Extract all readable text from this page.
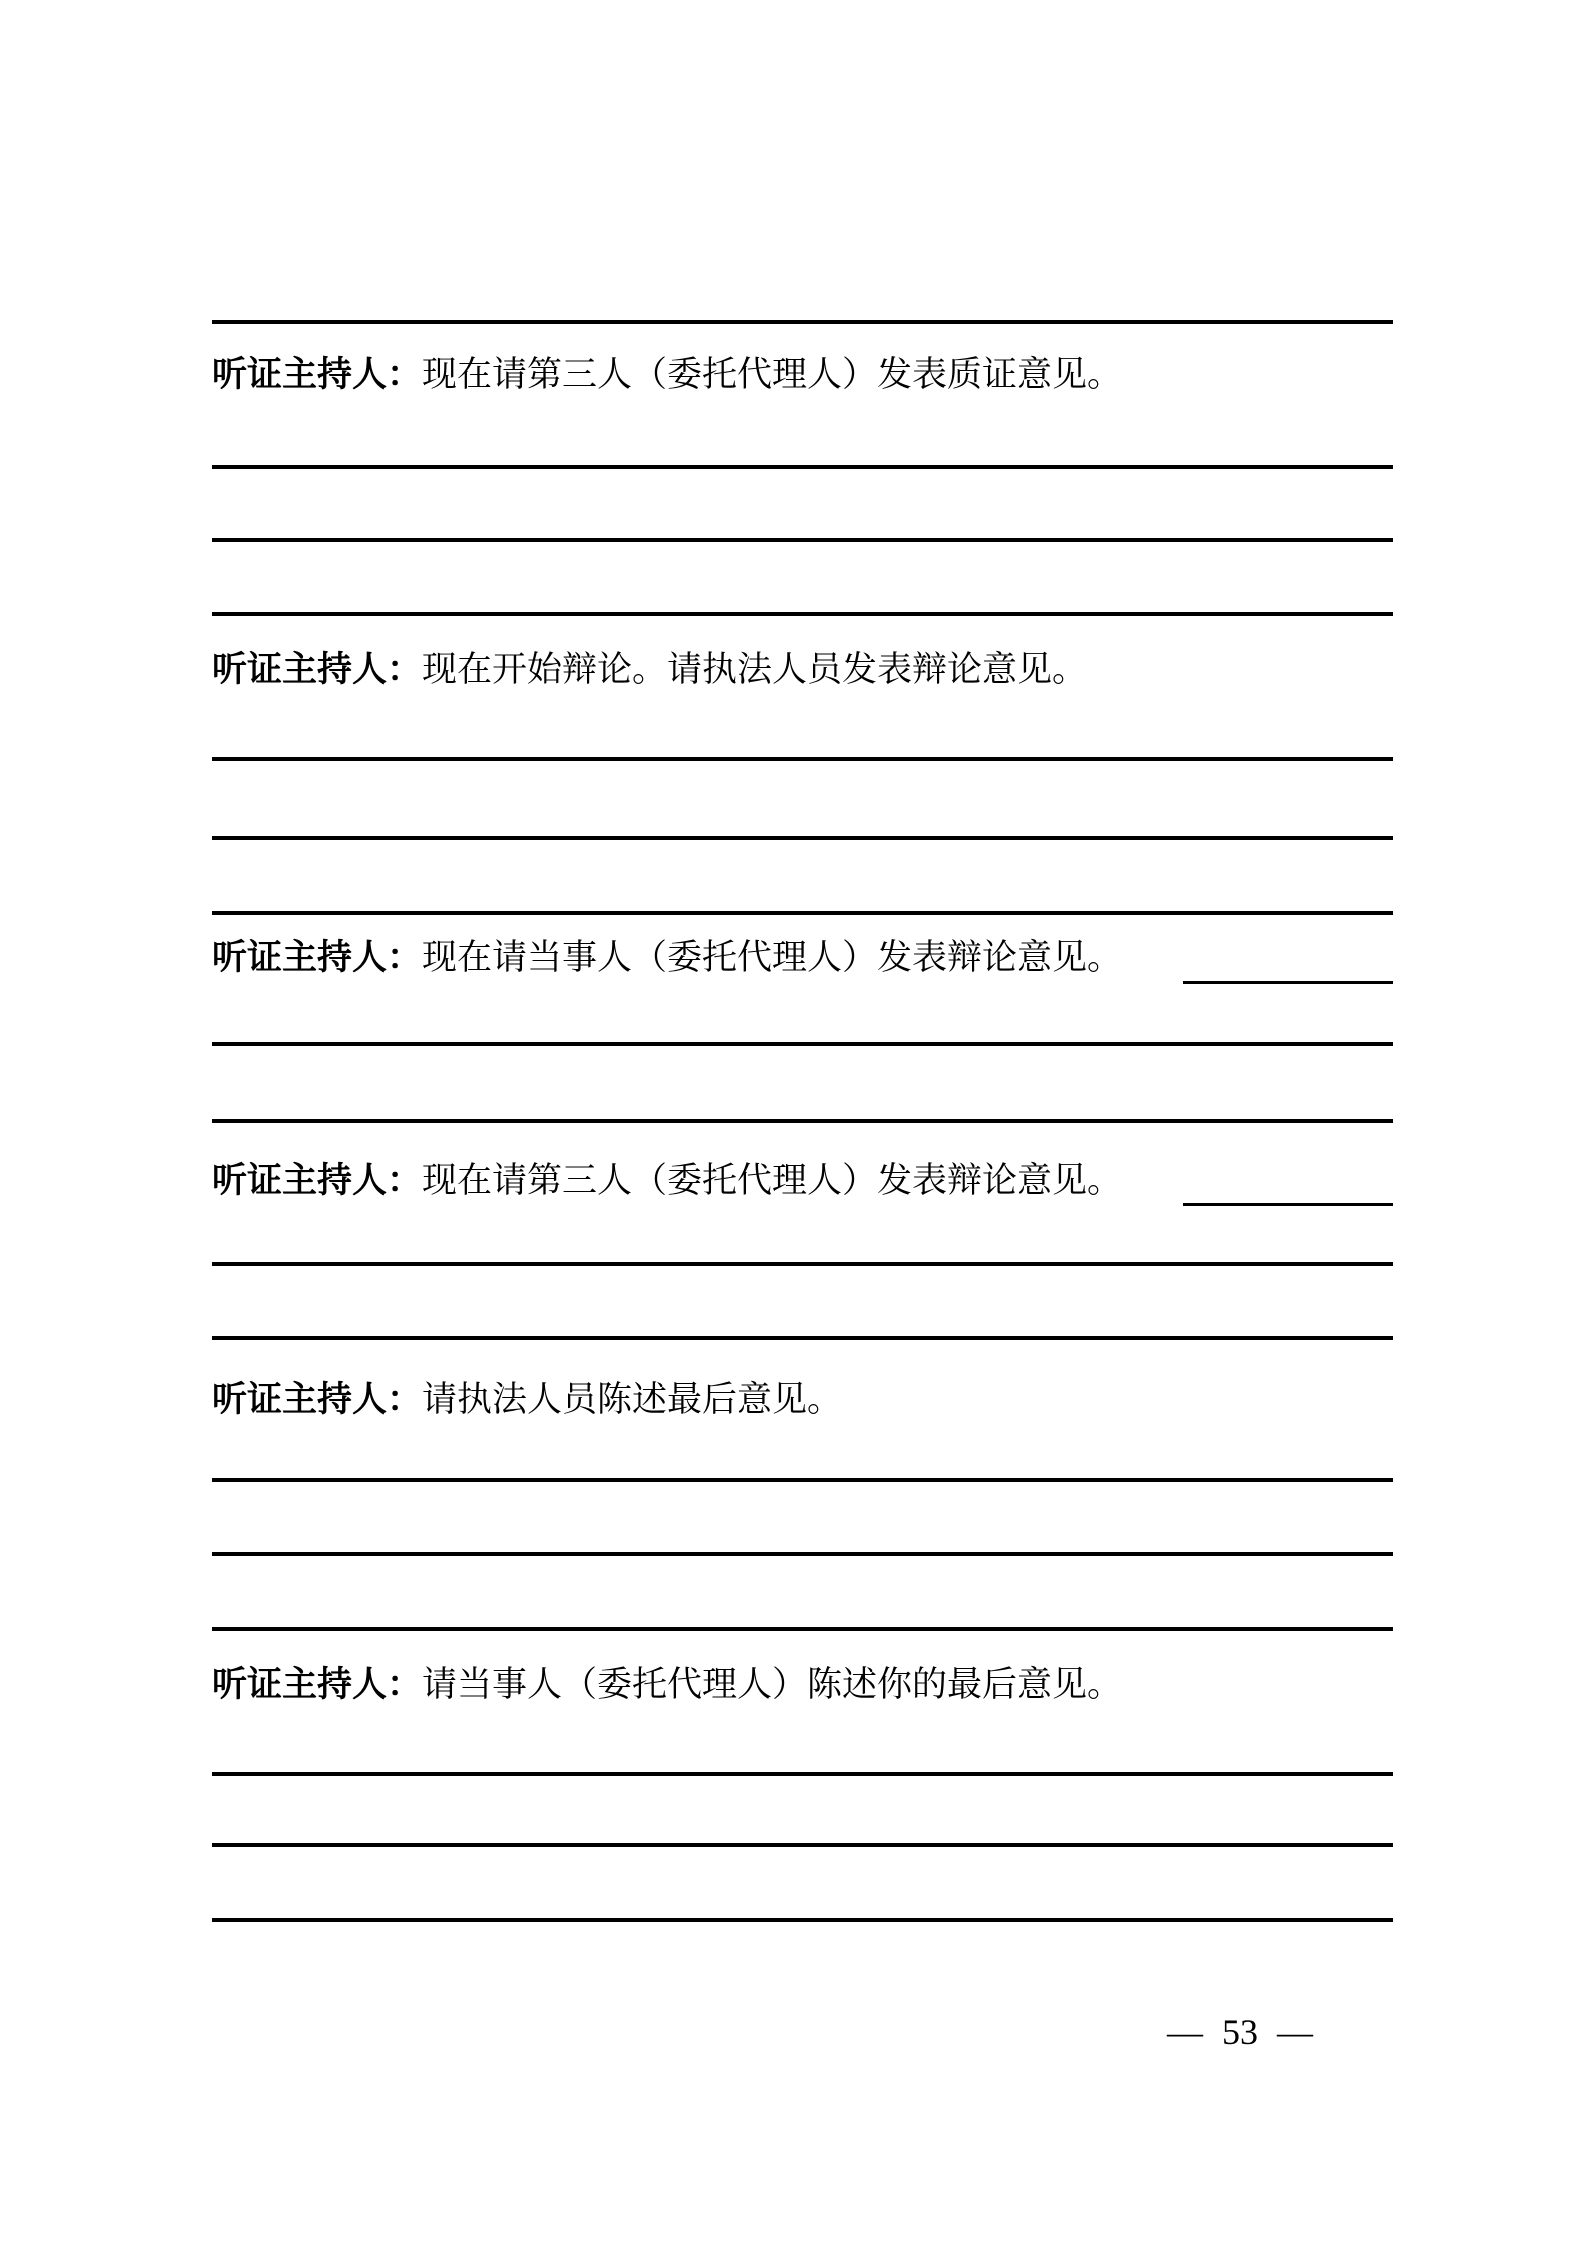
听证主持人：现在请第三人（委托代理人）发表质证意见。
听证主持人：现在开始辩论。请执法人员发表辩论意见。
听证主持人：现在请当事人（委托代理人）发表辩论意见。
听证主持人：现在请第三人（委托代理人）发表辩论意见。
听证主持人：请执法人员陈述最后意见。
听证主持人：请当事人（委托代理人）陈述你的最后意见。
— 53 —
